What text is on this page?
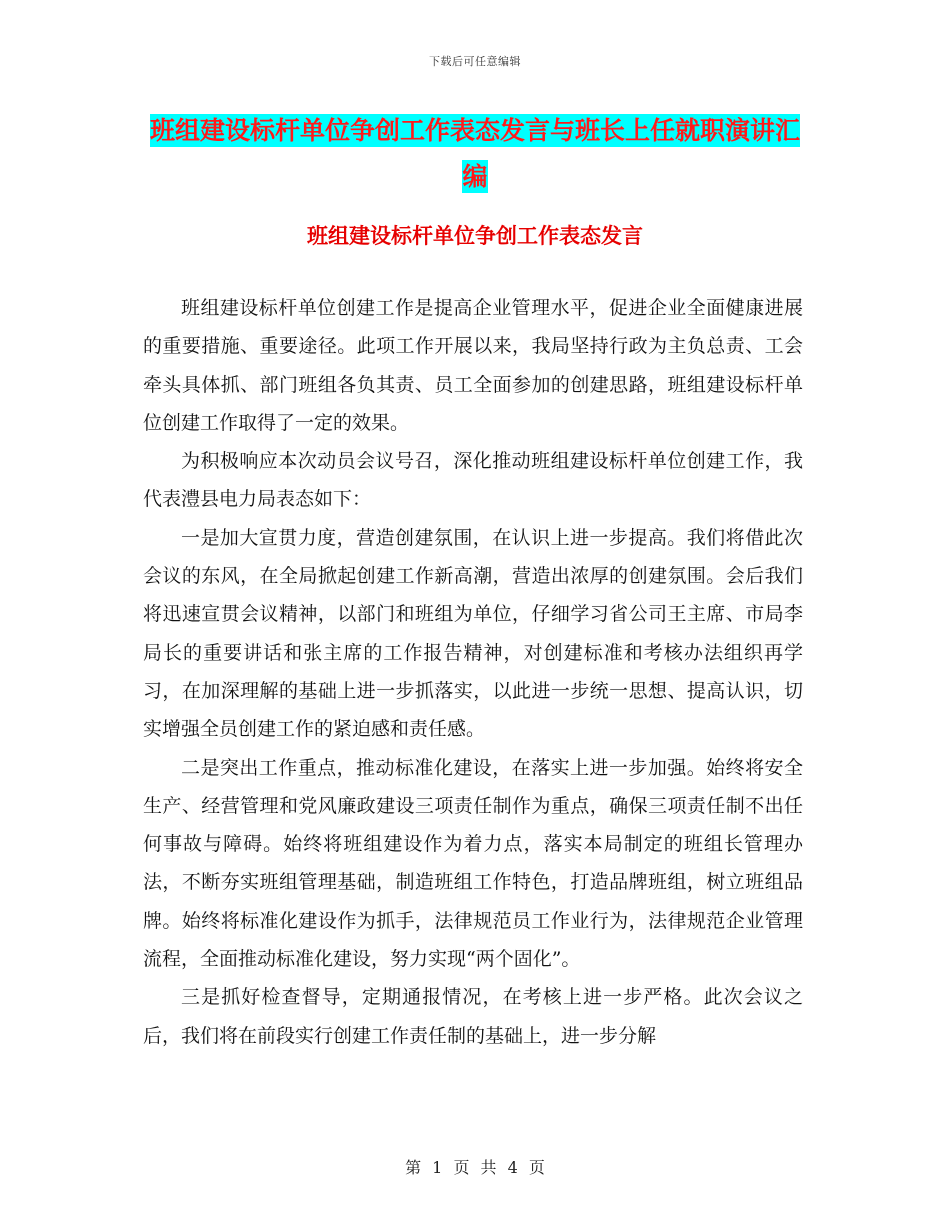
下载后可任意编辑
班组建设标杆单位争创工作表态发言与班长上任就职演讲汇编
班组建设标杆单位争创工作表态发言

班组建设标杆单位创建工作是提高企业管理水平，促进企业全面健康进展的重要措施、重要途径。此项工作开展以来，我局坚持行政为主负总责、工会牵头具体抓、部门班组各负其责、员工全面参加的创建思路，班组建设标杆单位创建工作取得了一定的效果。

为积极响应本次动员会议号召，深化推动班组建设标杆单位创建工作，我代表澧县电力局表态如下：

一是加大宣贯力度，营造创建氛围，在认识上进一步提高。我们将借此次会议的东风，在全局掀起创建工作新高潮，营造出浓厚的创建氛围。会后我们将迅速宣贯会议精神，以部门和班组为单位，仔细学习省公司王主席、市局李局长的重要讲话和张主席的工作报告精神，对创建标准和考核办法组织再学习，在加深理解的基础上进一步抓落实，以此进一步统一思想、提高认识，切实增强全员创建工作的紧迫感和责任感。

二是突出工作重点，推动标准化建设，在落实上进一步加强。始终将安全生产、经营管理和党风廉政建设三项责任制作为重点，确保三项责任制不出任何事故与障碍。始终将班组建设作为着力点，落实本局制定的班组长管理办法，不断夯实班组管理基础，制造班组工作特色，打造品牌班组，树立班组品牌。始终将标准化建设作为抓手，法律规范员工作业行为，法律规范企业管理流程，全面推动标准化建设，努力实现“两个固化”。

三是抓好检查督导，定期通报情况，在考核上进一步严格。此次会议之后，我们将在前段实行创建工作责任制的基础上，进一步分解

第 1 页 共 4 页
